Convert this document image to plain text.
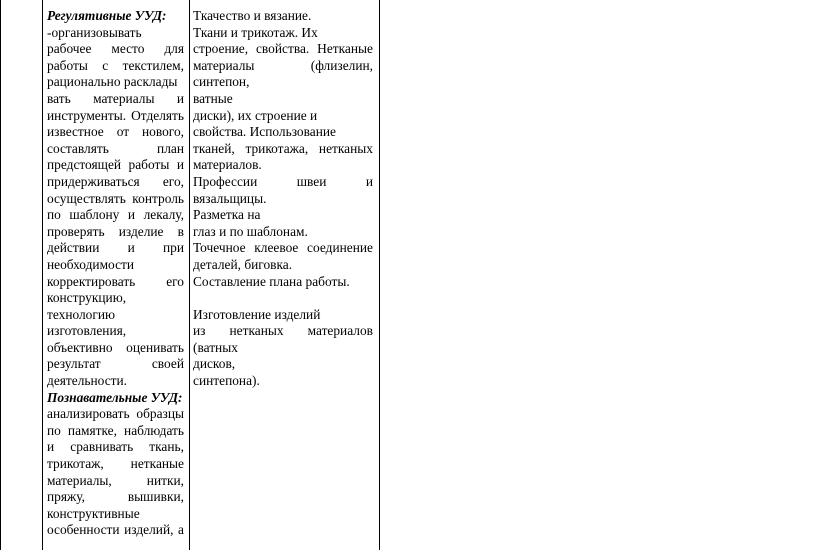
Регулятивные УУД:

-организовывать

рабочее место для

работы с текстилем,

рационально расклады

вать материалы и

инструменты. Отделять

известное от нового,

составлять план

предстоящей работы и

придерживаться его,

осуществлять контроль

по шаблону и лекалу,

проверять изделие в

действии и при

необходимости

корректировать его

конструкцию,

технологию

изготовления,

объективно оценивать

результат своей

деятельности.

Познавательные УУД:

анализировать образцы

по памятке, наблюдать

и сравнивать ткань,

трикотаж, нетканые

материалы, нитки,

пряжу, вышивки,

конструктивные

особенности изделий, а

Ткачество и вязание.

Ткани и трикотаж. Их

строение, свойства. Нетканые

материалы (флизелин, синтепон,

ватные

диски), их строение и

свойства. Использование

тканей, трикотажа, нетканых

материалов.

Профессии швеи и вязальщицы.

Разметка на

глаз и по шаблонам.

Точечное клеевое соединение

деталей, биговка.

Составление плана работы.

Изготовление изделий

из нетканых материалов (ватных

дисков,

синтепона).
